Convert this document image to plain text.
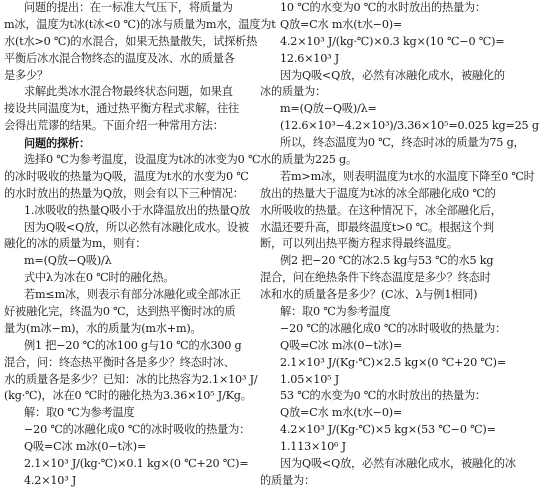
问题的提出：在一标准大气压下，将质量为
m冰，温度为t冰(t冰<0 ℃)的冰与质量为m水，温度为t
水(t水>0 ℃)的水混合，如果无热量散失，试探析热
平衡后冰水混合物终态的温度及冰、水的质量各
是多少？
求解此类冰水混合物最终状态问题，如果直
接设共同温度为t，通过热平衡方程式求解，往往
会得出荒谬的结果。下面介绍一种常用方法：
问题的探析：
选择0 ℃为参考温度，设温度为t冰的冰变为0 ℃
的冰时吸收的热量为Q吸，温度为t水的水变为0 ℃
的水时放出的热量为Q放，则会有以下三种情况：
1.冰吸收的热量Q吸小于水降温放出的热量Q放
因为Q吸<Q放，所以必然有冰融化成水。设被
融化的冰的质量为m，则有：
m=(Q放−Q吸)/λ
式中λ为冰在0 ℃时的融化热。
若m≤m冰，则表示有部分冰融化或全部冰正
好被融化完，终温为0 ℃，达到热平衡时冰的质
量为(m冰−m)，水的质量为(m水+m)。
例1 把−20 ℃的冰100 g与10 ℃的水300 g
混合，问：终态热平衡时各是多少？终态时冰、
水的质量各是多少？已知：冰的比热容为2.1×10³ J/
(kg·℃)，冰在0 ℃时的融化热为3.36×10⁵ J/Kg。
解：取0 ℃为参考温度
−20 ℃的冰融化成0 ℃的冰时吸收的热量为：
Q吸=C冰 m冰(0−t冰)=
2.1×10³ J/(kg·℃)×0.1 kg×(0 ℃+20 ℃)=
4.2×10³ J
10 ℃的水变为0 ℃的水时放出的热量为：
Q放=C水 m水(t水−0)=
4.2×10³ J/(kg·℃)×0.3 kg×(10 ℃−0 ℃)=
12.6×10³ J
因为Q吸<Q放，必然有冰融化成水，被融化的
冰的质量为：
m=(Q放−Q吸)/λ=
(12.6×10³−4.2×10³)/3.36×10⁵=0.025 kg=25 g
所以，终态温度为0 ℃，终态时冰的质量为75 g，
水的质量为225 g。
若m>m冰，则表明温度为t水的水温度下降至0 ℃时
放出的热量大于温度为t冰的冰全部融化成0 ℃的
水所吸收的热量。在这种情况下，冰全部融化后，
水温还要升高，即最终温度t>0 ℃。根据这个判
断，可以列出热平衡方程求得最终温度。
例2 把−20 ℃的冰2.5 kg与53 ℃的水5 kg
混合，问在绝热条件下终态温度是多少？终态时
冰和水的质量各是多少？(C冰、λ与例1相同)
解：取0 ℃为参考温度
−20 ℃的冰融化成0 ℃的冰时吸收的热量为：
Q吸=C冰 m冰(0−t冰)=
2.1×10³ J/(Kg·℃)×2.5 kg×(0 ℃+20 ℃)=
1.05×10⁵ J
53 ℃的水变为0 ℃的水时放出的热量为：
Q放=C水 m水(t水−0)=
4.2×10³ J/(Kg·℃)×5 kg×(53 ℃−0 ℃)=
1.113×10⁶ J
因为Q吸<Q放，必然有冰融化成水，被融化的冰
的质量为：
